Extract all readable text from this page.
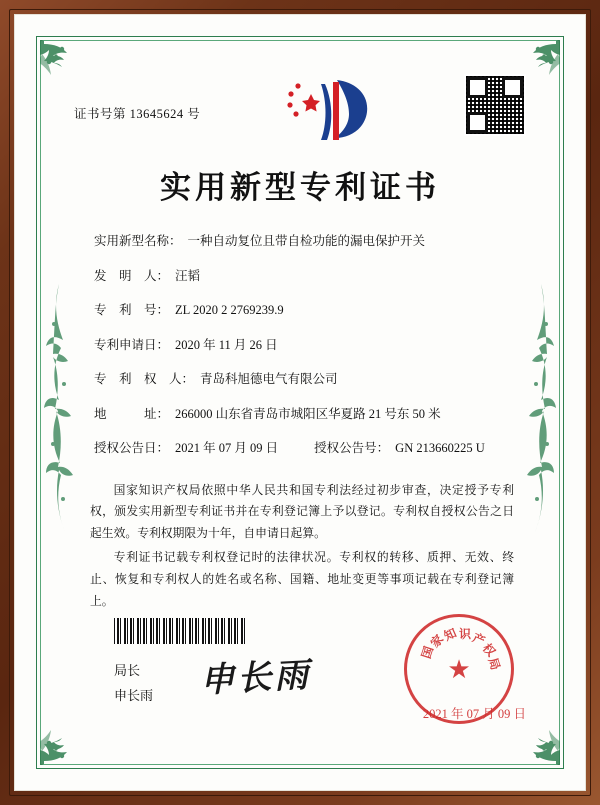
证书号第 13645624 号
实用新型专利证书
实用新型名称： 一种自动复位且带自检功能的漏电保护开关
发　明　人： 汪韬
专　利　号： ZL 2020 2 2769239.9
专利申请日： 2020 年 11 月 26 日
专　利　权　人： 青岛科旭德电气有限公司
地　　　址： 266000 山东省青岛市城阳区华夏路 21 号东 50 米
授权公告日： 2021 年 07 月 09 日	授权公告号： GN 213660225 U
国家知识产权局依照中华人民共和国专利法经过初步审查，决定授予专利权，颁发实用新型专利证书并在专利登记簿上予以登记。专利权自授权公告之日起生效。专利权期限为十年，自申请日起算。
专利证书记载专利权登记时的法律状况。专利权的转移、质押、无效、终止、恢复和专利权人的姓名或名称、国籍、地址变更等事项记载在专利登记簿上。
局长
申长雨 申长雨
国
家
知 识 产
权
局
★
2021 年 07 月 09 日
